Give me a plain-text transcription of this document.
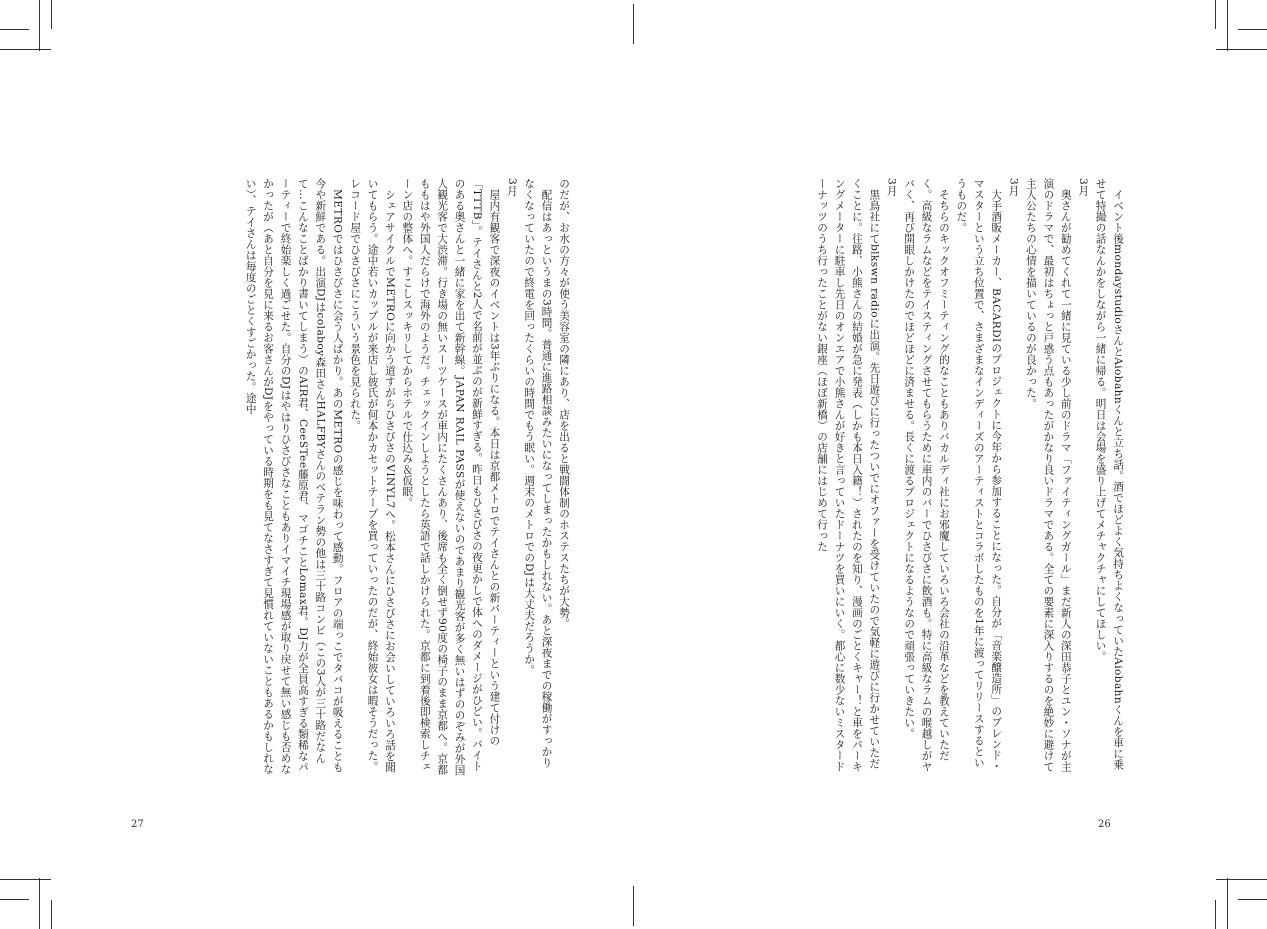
イベント後mondaystudioさんとAiobahnくんと立ち話。酒でほどよく気持ちよくなっていたAiobahnくんを車に乗せて特撮の話なんかをしながら一緒に帰る。明日は会場を盛り上げてメチャクチャにしてほしい。

3月

奥さんが勧めてくれて一緒に見ている少し前のドラマ「ファイティングガール」まだ新人の深田恭子とユン・ソナが主演のドラマで、最初はちょっと戸惑う点もあったがかなり良いドラマである。全ての要素に深入りするのを絶妙に避けて主人公たちの心情を描いているのが良かった。

3月

大手酒販メーカー、BACARDIのプロジェクトに今年から参加することになった。自分が「音楽醸造所」のブレンド・マスターという立ち位置で、さまざまなインディーズのアーティストとコラボしたものを1年に渡ってリリースするというものだ。

そちらのキックオフミーティング的なこともありバカルディ社にお邪魔していろいろ会社の沿革などを教えていただく。高級なラムなどをテイスティングさせてもらうために車内のバーでひさびさに飲酒も。特に高級なラムの喉越しがヤバく、再び開眼しかけたのでほどほどに済ませる。長くに渡るプロジェクトになるようなので頑張っていきたい。

3月

黒鳥社にてblkswn radioに出演。先日遊びに行ったついでにオファーを受けていたので気軽に遊びに行かせていただくことに。往路、小熊さんの結婚が急に発表（しかも本日入籍！）されたのを知り、漫画のごとくキャー！と車をパーキングメーターに駐車し先日のオンエアで小熊さんが好きと言っていたドーナツを買いにいく。都心に数少ないミスタードーナッツのうち行ったことがない銀座（ほぼ新橋）の店舗にはじめて行った

のだが、お水の方々が使う美容室の隣にあり、店を出ると戦闘体制のホステスたちが大勢。

配信はあっというまの3時間。普通に進路相談みたいになってしまったかもしれない。あと深夜までの稼働がすっかりなくなっていたので終電を回ったくらいの時間でもう眠い。週末のメトロでのDJは大丈夫だろうか。

3月

屋内有観客で深夜のイベントは3年ぶりになる。本日は京都メトロでテイさんとの新パーティーという建て付けの「TTTB」。テイさんと2人で名前が並ぶのが新鮮すぎる。昨日もひさびさの夜更かしで体へのダメージがひどい。バイトのある奥さんと一緒に家を出て新幹線。JAPAN RAIL PASSが使えないのであまり観光客が多く無いはずののぞみが外国人観光客で大渋滞。行き場の無いスーツケースが車内にたくさんあり、後席も全く倒せず90度の椅子のまま京都へ。京都ももはや外国人だらけで海外のようだ。チェックインしようとしたら英語で話しかけられた。京都に到着後即検索しチェーン店の整体へ。すこしスッキリしてからホテルで仕込み＆仮眠。

シェアサイクルでMETROに向かう道すがらひさびさのVINYL7へ。松本さんにひさびさにお会いしていろいろ話を聞いてもらう。途中若いカップルが来店し彼氏が何本かカセットテープを買っていったのだが、終始彼女は暇そうだった。レコード屋でひさびさにこういう景色を見られた。

METROではひさびさに会う人ばかり。あのMETROの感じを味わって感動。フロアの端っこでタバコが吸えることも今や新鮮である。出演DJはcolaboy森田さんHALFBYさんのベテラン勢の他は三十路コンビ（この3人が三十路だなんて…こんなことばかり書いてしまう）のAIR君、CeeSTee藤原君、マゴチことLomax君。DJ力が全員高すぎる類稀なパーティーで終始楽しく過ごせた。自分のDJはやはりひさびさなこともありイマイチ現場感が取り戻せて無い感じも否めなかったが（あと自分を見に来るお客さんがDJをやっている時期をも見てなさすぎて見慣れていないこともあるかもしれない）、テイさんは毎度のごとくすごかった。途中

26
27
